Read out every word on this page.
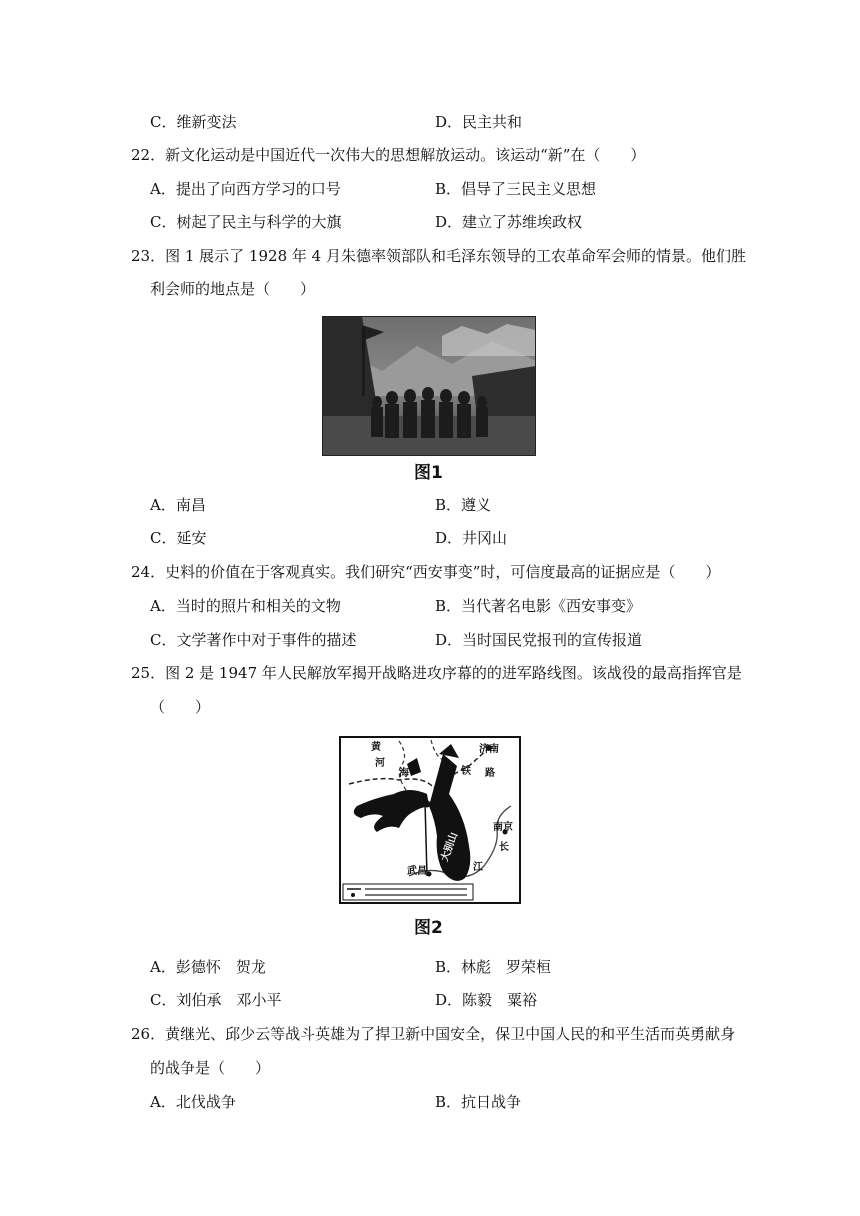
C．维新变法	D．民主共和
22．新文化运动是中国近代一次伟大的思想解放运动。该运动“新”在（　　）
A．提出了向西方学习的口号	B．倡导了三民主义思想
C．树起了民主与科学的大旗	D．建立了苏维埃政权
23．图 1 展示了 1928 年 4 月朱德率领部队和毛泽东领导的工农革命军会师的情景。他们胜
利会师的地点是（　　）
图1
A．南昌	B．遵义
C．延安	D．井冈山
24．史料的价值在于客观真实。我们研究“西安事变”时，可信度最高的证据应是（　　）
A．当时的照片和相关的文物	B．当代著名电影《西安事变》
C．文学著作中对于事件的描述	D．当时国民党报刊的宣传报道
25．图 2 是 1947 年人民解放军揭开战略进攻序幕的的进军路线图。该战役的最高指挥官是
（　　）
黄
河
济南
海	铁 路
南京
长
江
武昌
大别山
图2
A．彭德怀　贺龙	B．林彪　罗荣桓
C．刘伯承　邓小平	D．陈毅　粟裕
26．黄继光、邱少云等战斗英雄为了捍卫新中国安全，保卫中国人民的和平生活而英勇献身
的战争是（　　）
A．北伐战争	B．抗日战争
